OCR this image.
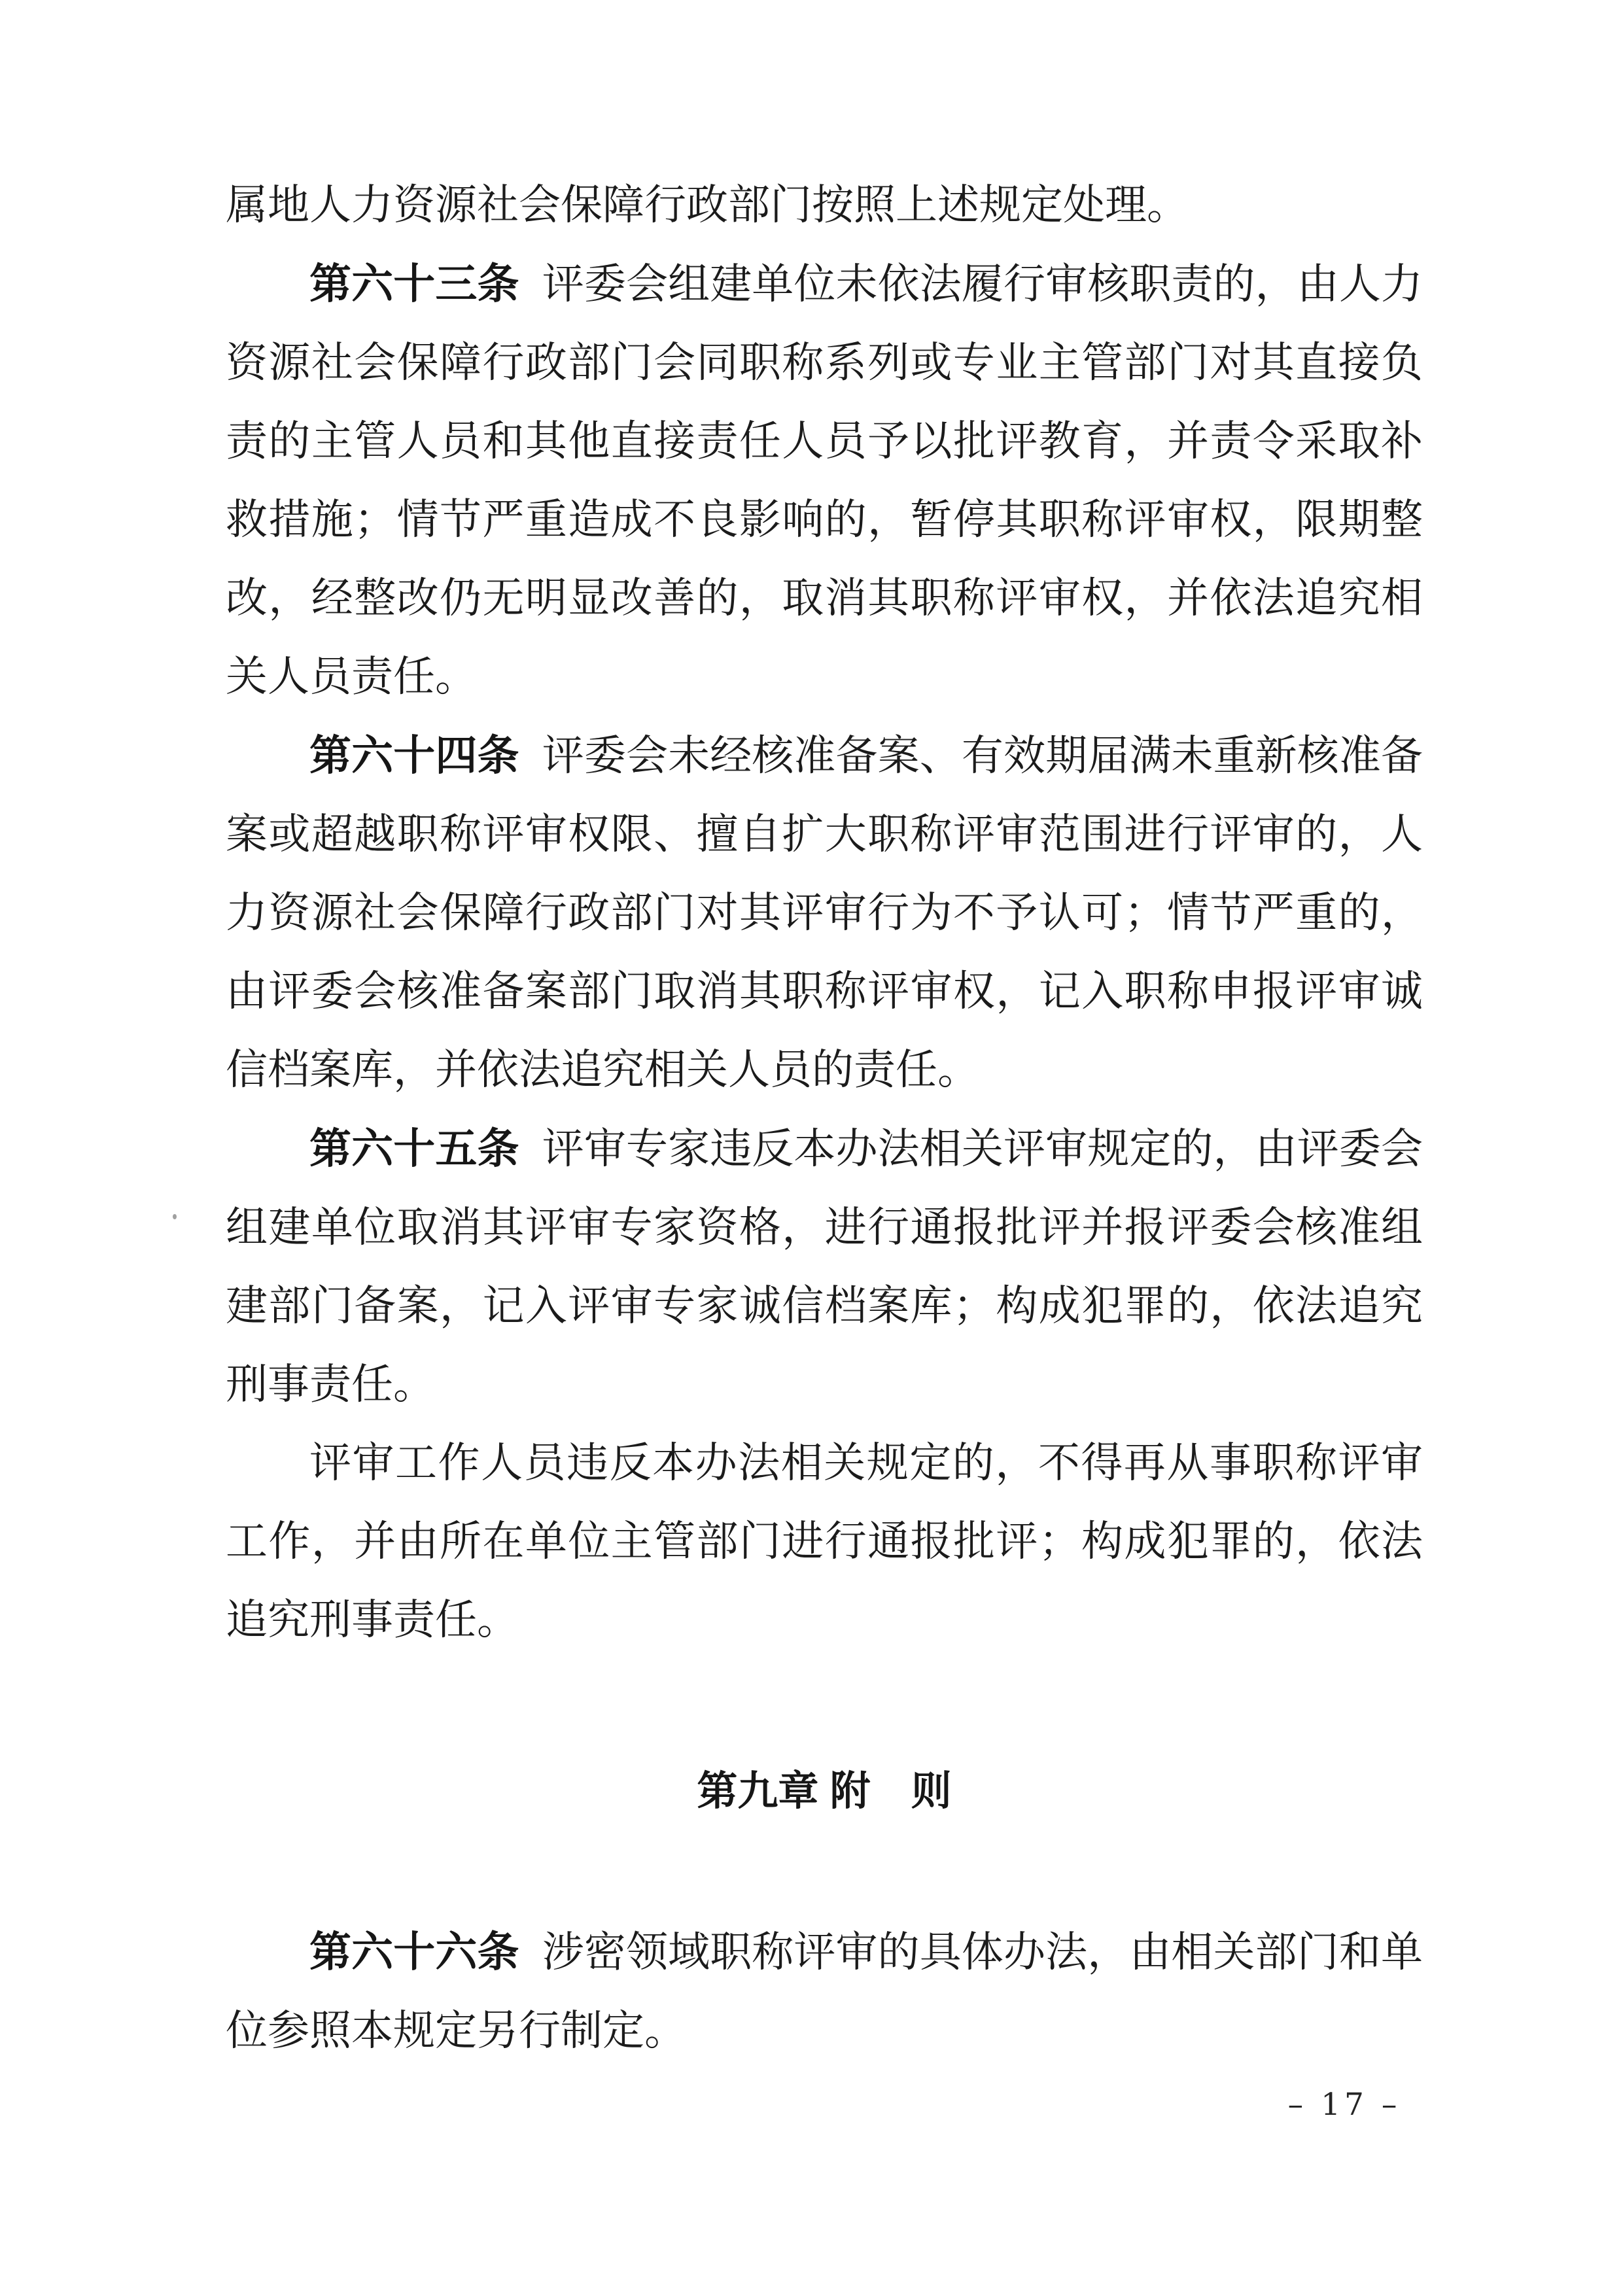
属地人力资源社会保障行政部门按照上述规定处理。

第六十三条 评委会组建单位未依法履行审核职责的，由人力资源社会保障行政部门会同职称系列或专业主管部门对其直接负责的主管人员和其他直接责任人员予以批评教育，并责令采取补救措施；情节严重造成不良影响的，暂停其职称评审权，限期整改，经整改仍无明显改善的，取消其职称评审权，并依法追究相关人员责任。

第六十四条 评委会未经核准备案、有效期届满未重新核准备案或超越职称评审权限、擅自扩大职称评审范围进行评审的，人力资源社会保障行政部门对其评审行为不予认可；情节严重的，由评委会核准备案部门取消其职称评审权，记入职称申报评审诚信档案库，并依法追究相关人员的责任。

第六十五条 评审专家违反本办法相关评审规定的，由评委会组建单位取消其评审专家资格，进行通报批评并报评委会核准组建部门备案，记入评审专家诚信档案库；构成犯罪的，依法追究刑事责任。

评审工作人员违反本办法相关规定的，不得再从事职称评审工作，并由所在单位主管部门进行通报批评；构成犯罪的，依法追究刑事责任。

第九章 附　则

第六十六条 涉密领域职称评审的具体办法，由相关部门和单位参照本规定另行制定。

– 17 –
